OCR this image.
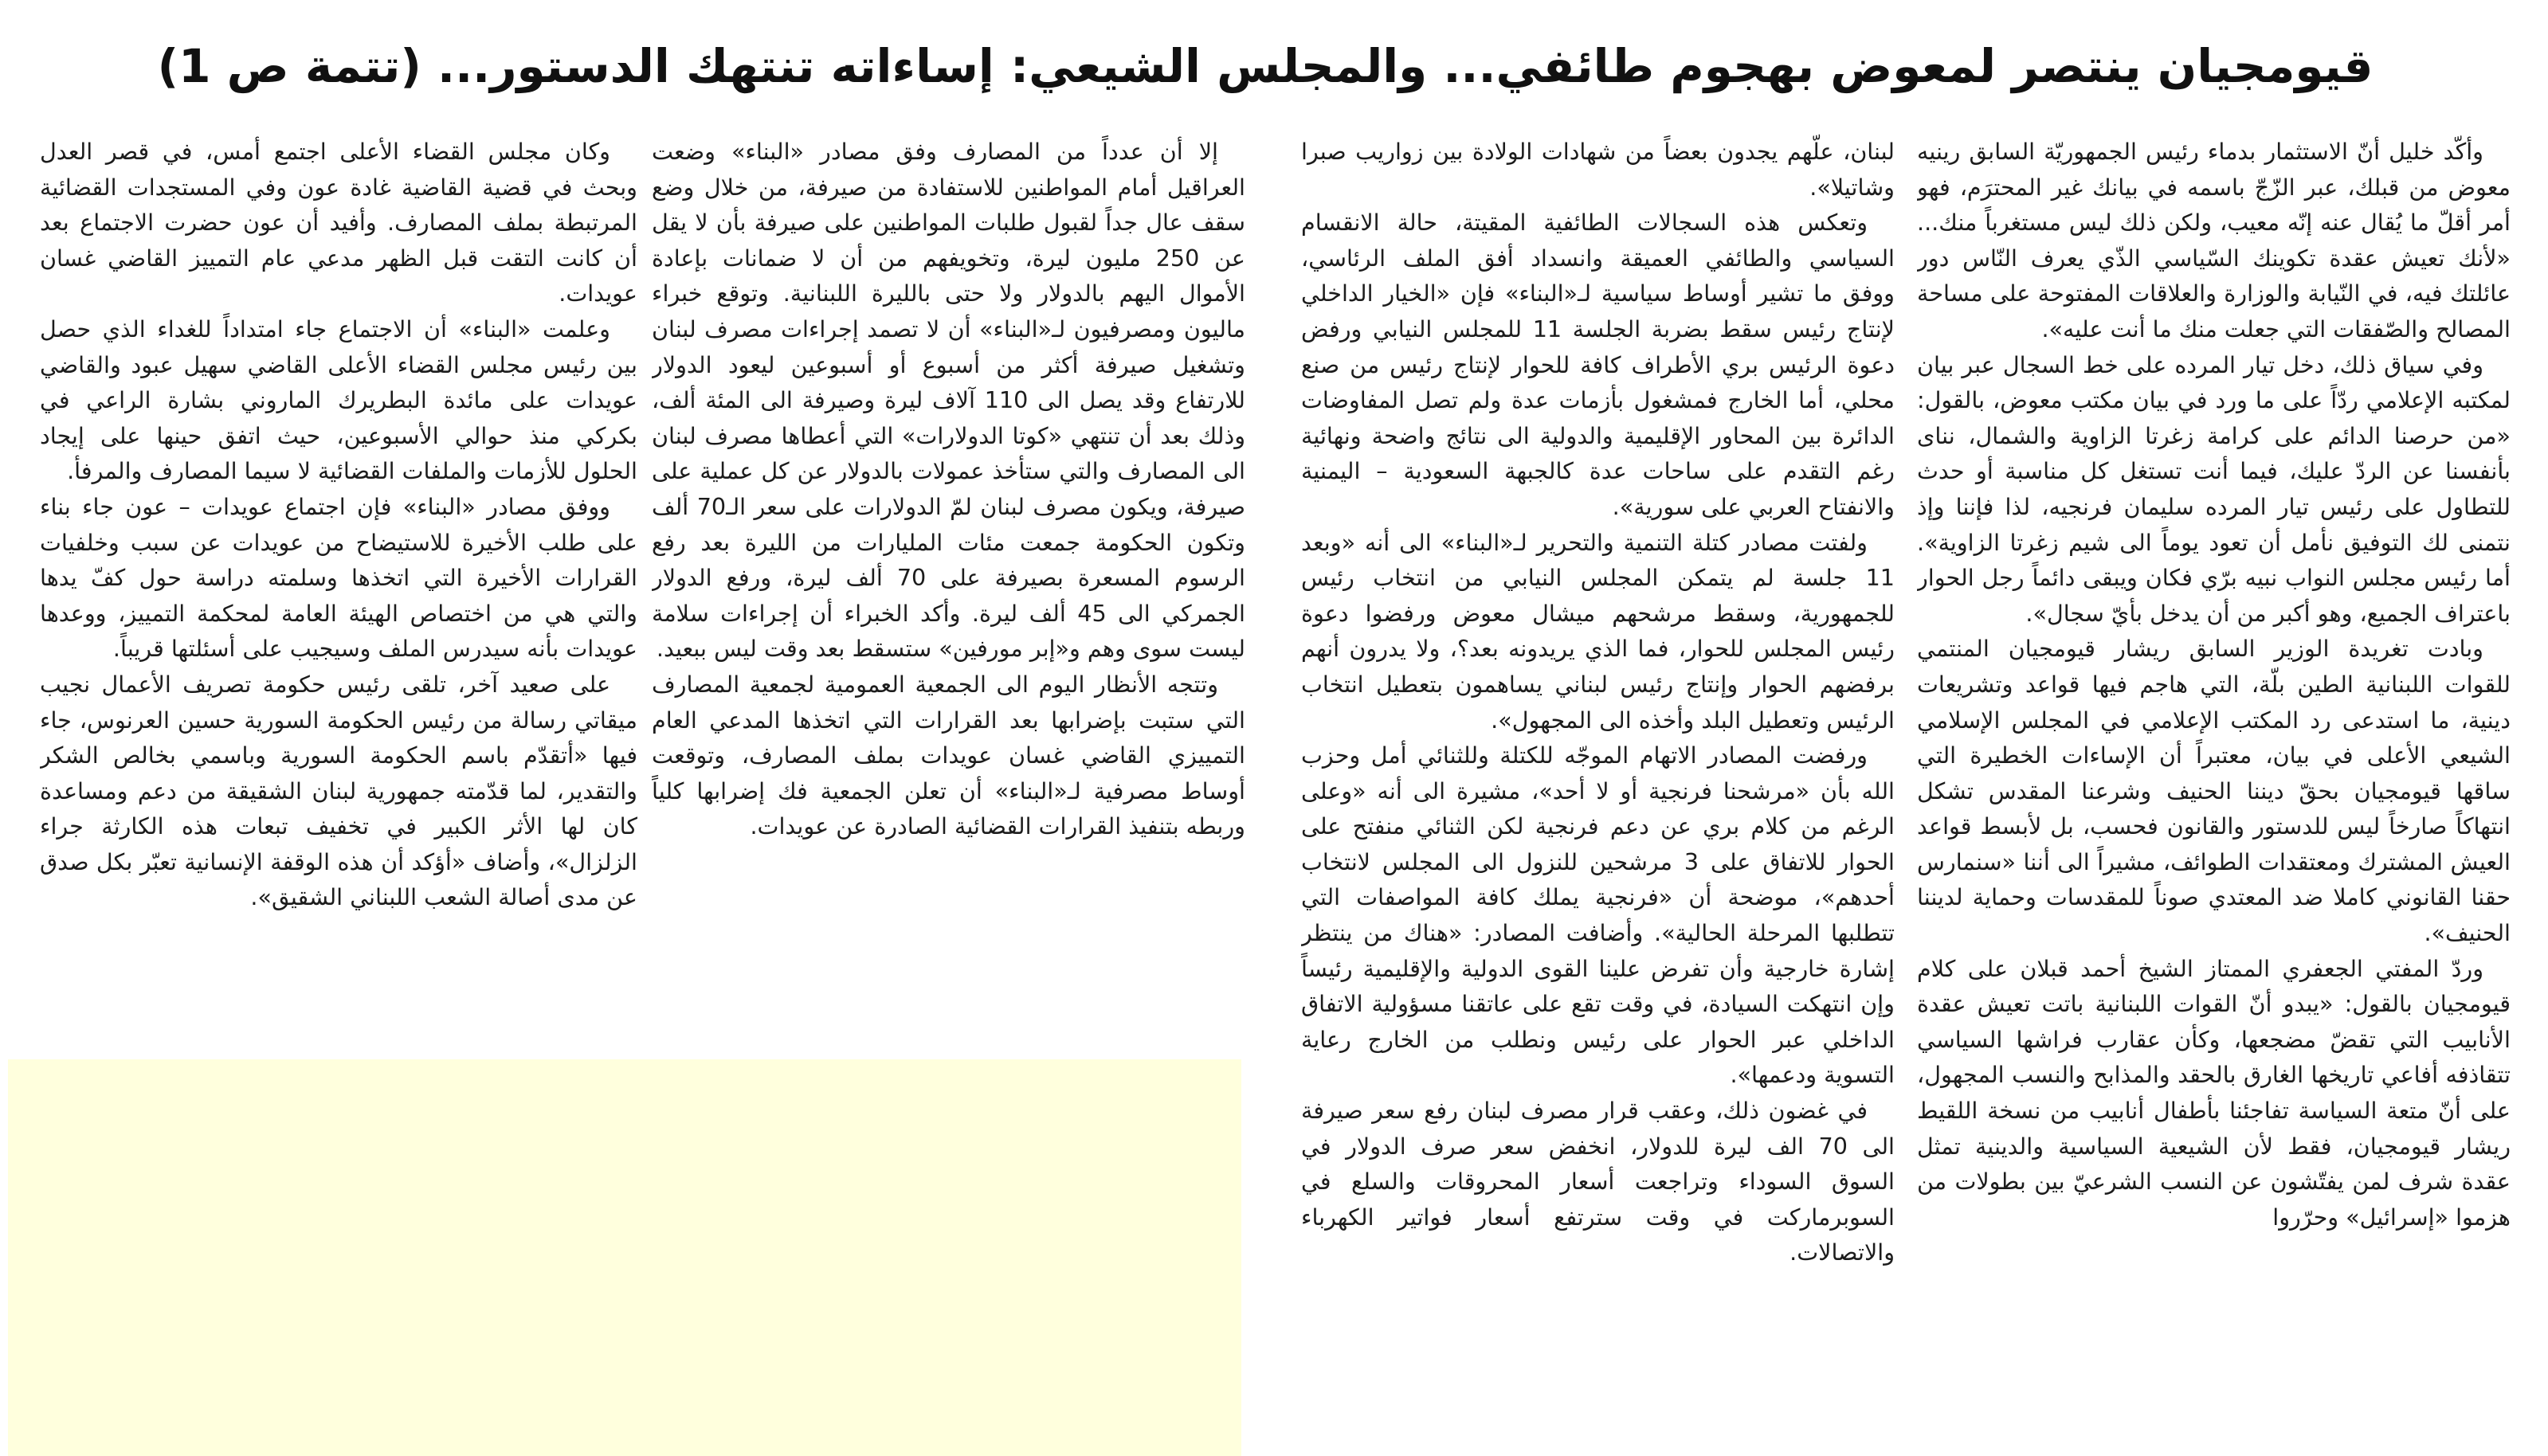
قيومجيان ينتصر لمعوض بهجوم طائفي... والمجلس الشيعي: إساءاته تنتهك الدستور... (تتمة ص 1)

وأكّد خليل أنّ الاستثمار بدماء رئيس الجمهوريّة السابق رينيه معوض من قبلك، عبر الزّجّ باسمه في بيانك غير المحترَم، فهو أمر أقلّ ما يُقال عنه إنّه معيب، ولكن ذلك ليس مستغرباً منك... «لأنك تعيش عقدة تكوينك السّياسي الذّي يعرف النّاس دور عائلتك فيه، في النّيابة والوزارة والعلاقات المفتوحة على مساحة المصالح والصّفقات التي جعلت منك ما أنت عليه».

وفي سياق ذلك، دخل تيار المرده على خط السجال عبر بيان لمكتبه الإعلامي ردّاً على ما ورد في بيان مكتب معوض، بالقول: «من حرصنا الدائم على كرامة زغرتا الزاوية والشمال، نناى بأنفسنا عن الردّ عليك، فيما أنت تستغل كل مناسبة أو حدث للتطاول على رئيس تيار المرده سليمان فرنجيه، لذا فإننا وإذ نتمنى لك التوفيق نأمل أن تعود يوماً الى شيم زغرتا الزاوية». أما رئيس مجلس النواب نبيه برّي فكان ويبقى دائماً رجل الحوار باعتراف الجميع، وهو أكبر من أن يدخل بأيّ سجال».

وبادت تغريدة الوزير السابق ريشار قيومجيان المنتمي للقوات اللبنانية الطين بلّة، التي هاجم فيها قواعد وتشريعات دينية، ما استدعى رد المكتب الإعلامي في المجلس الإسلامي الشيعي الأعلى في بيان، معتبراً أن الإساءات الخطيرة التي ساقها قيومجيان بحقّ ديننا الحنيف وشرعنا المقدس تشكل انتهاكاً صارخاً ليس للدستور والقانون فحسب، بل لأبسط قواعد العيش المشترك ومعتقدات الطوائف، مشيراً الى أننا «سنمارس حقنا القانوني كاملا ضد المعتدي صوناً للمقدسات وحماية لديننا الحنيف».

وردّ المفتي الجعفري الممتاز الشيخ أحمد قبلان على كلام قيومجيان بالقول: «يبدو أنّ القوات اللبنانية باتت تعيش عقدة الأنابيب التي تقضّ مضجعها، وكأن عقارب فراشها السياسي تتقاذفه أفاعي تاريخها الغارق بالحقد والمذابح والنسب المجهول، على أنّ متعة السياسة تفاجئنا بأطفال أنابيب من نسخة اللقيط ريشار قيومجيان، فقط لأن الشيعية السياسية والدينية تمثل عقدة شرف لمن يفتّشون عن النسب الشرعيّ بين بطولات من هزموا «إسرائيل» وحرّروا

لبنان، علّهم يجدون بعضاً من شهادات الولادة بين زواريب صبرا وشاتيلا».

وتعكس هذه السجالات الطائفية المقيتة، حالة الانقسام السياسي والطائفي العميقة وانسداد أفق الملف الرئاسي، ووفق ما تشير أوساط سياسية لـ«البناء» فإن «الخيار الداخلي لإنتاج رئيس سقط بضربة الجلسة 11 للمجلس النيابي ورفض دعوة الرئيس بري الأطراف كافة للحوار لإنتاج رئيس من صنع محلي، أما الخارج فمشغول بأزمات عدة ولم تصل المفاوضات الدائرة بين المحاور الإقليمية والدولية الى نتائج واضحة ونهائية رغم التقدم على ساحات عدة كالجبهة السعودية – اليمنية والانفتاح العربي على سورية».

ولفتت مصادر كتلة التنمية والتحرير لـ«البناء» الى أنه «وبعد 11 جلسة لم يتمكن المجلس النيابي من انتخاب رئيس للجمهورية، وسقط مرشحهم ميشال معوض ورفضوا دعوة رئيس المجلس للحوار، فما الذي يريدونه بعد؟، ولا يدرون أنهم برفضهم الحوار وإنتاج رئيس لبناني يساهمون بتعطيل انتخاب الرئيس وتعطيل البلد وأخذه الى المجهول».

ورفضت المصادر الاتهام الموجّه للكتلة وللثنائي أمل وحزب الله بأن «مرشحنا فرنجية أو لا أحد»، مشيرة الى أنه «وعلى الرغم من كلام بري عن دعم فرنجية لكن الثنائي منفتح على الحوار للاتفاق على 3 مرشحين للنزول الى المجلس لانتخاب أحدهم»، موضحة أن «فرنجية يملك كافة المواصفات التي تتطلبها المرحلة الحالية». وأضافت المصادر: «هناك من ينتظر إشارة خارجية وأن تفرض علينا القوى الدولية والإقليمية رئيساً وإن انتهكت السيادة، في وقت تقع على عاتقنا مسؤولية الاتفاق الداخلي عبر الحوار على رئيس ونطلب من الخارج رعاية التسوية ودعمها».

في غضون ذلك، وعقب قرار مصرف لبنان رفع سعر صيرفة الى 70 الف ليرة للدولار، انخفض سعر صرف الدولار في السوق السوداء وتراجعت أسعار المحروقات والسلع في السوبرماركت في وقت سترتفع أسعار فواتير الكهرباء والاتصالات.

إلا أن عدداً من المصارف وفق مصادر «البناء» وضعت العراقيل أمام المواطنين للاستفادة من صيرفة، من خلال وضع سقف عال جداً لقبول طلبات المواطنين على صيرفة بأن لا يقل عن 250 مليون ليرة، وتخويفهم من أن لا ضمانات بإعادة الأموال اليهم بالدولار ولا حتى بالليرة اللبنانية. وتوقع خبراء ماليون ومصرفيون لـ«البناء» أن لا تصمد إجراءات مصرف لبنان وتشغيل صيرفة أكثر من أسبوع أو أسبوعين ليعود الدولار للارتفاع وقد يصل الى 110 آلاف ليرة وصيرفة الى المئة ألف، وذلك بعد أن تنتهي «كوتا الدولارات» التي أعطاها مصرف لبنان الى المصارف والتي ستأخذ عمولات بالدولار عن كل عملية على صيرفة، ويكون مصرف لبنان لمّ الدولارات على سعر الـ70 ألف وتكون الحكومة جمعت مئات المليارات من الليرة بعد رفع الرسوم المسعرة بصيرفة على 70 ألف ليرة، ورفع الدولار الجمركي الى 45 ألف ليرة. وأكد الخبراء أن إجراءات سلامة ليست سوى وهم و«إبر مورفين» ستسقط بعد وقت ليس ببعيد.

وتتجه الأنظار اليوم الى الجمعية العمومية لجمعية المصارف التي ستبت بإضرابها بعد القرارات التي اتخذها المدعي العام التمييزي القاضي غسان عويدات بملف المصارف، وتوقعت أوساط مصرفية لـ«البناء» أن تعلن الجمعية فك إضرابها كلياً وربطه بتنفيذ القرارات القضائية الصادرة عن عويدات.

وكان مجلس القضاء الأعلى اجتمع أمس، في قصر العدل وبحث في قضية القاضية غادة عون وفي المستجدات القضائية المرتبطة بملف المصارف. وأفيد أن عون حضرت الاجتماع بعد أن كانت التقت قبل الظهر مدعي عام التمييز القاضي غسان عويدات.

وعلمت «البناء» أن الاجتماع جاء امتداداً للغداء الذي حصل بين رئيس مجلس القضاء الأعلى القاضي سهيل عبود والقاضي عويدات على مائدة البطريرك الماروني بشارة الراعي في بكركي منذ حوالي الأسبوعين، حيث اتفق حينها على إيجاد الحلول للأزمات والملفات القضائية لا سيما المصارف والمرفأ.

ووفق مصادر «البناء» فإن اجتماع عويدات – عون جاء بناء على طلب الأخيرة للاستيضاح من عويدات عن سبب وخلفيات القرارات الأخيرة التي اتخذها وسلمته دراسة حول كفّ يدها والتي هي من اختصاص الهيئة العامة لمحكمة التمييز، ووعدها عويدات بأنه سيدرس الملف وسيجيب على أسئلتها قريباً.

على صعيد آخر، تلقى رئيس حكومة تصريف الأعمال نجيب ميقاتي رسالة من رئيس الحكومة السورية حسين العرنوس، جاء فيها «أتقدّم باسم الحكومة السورية وباسمي بخالص الشكر والتقدير، لما قدّمته جمهورية لبنان الشقيقة من دعم ومساعدة كان لها الأثر الكبير في تخفيف تبعات هذه الكارثة جراء الزلزال»، وأضاف «أؤكد أن هذه الوقفة الإنسانية تعبّر بكل صدق عن مدى أصالة الشعب اللبناني الشقيق».
